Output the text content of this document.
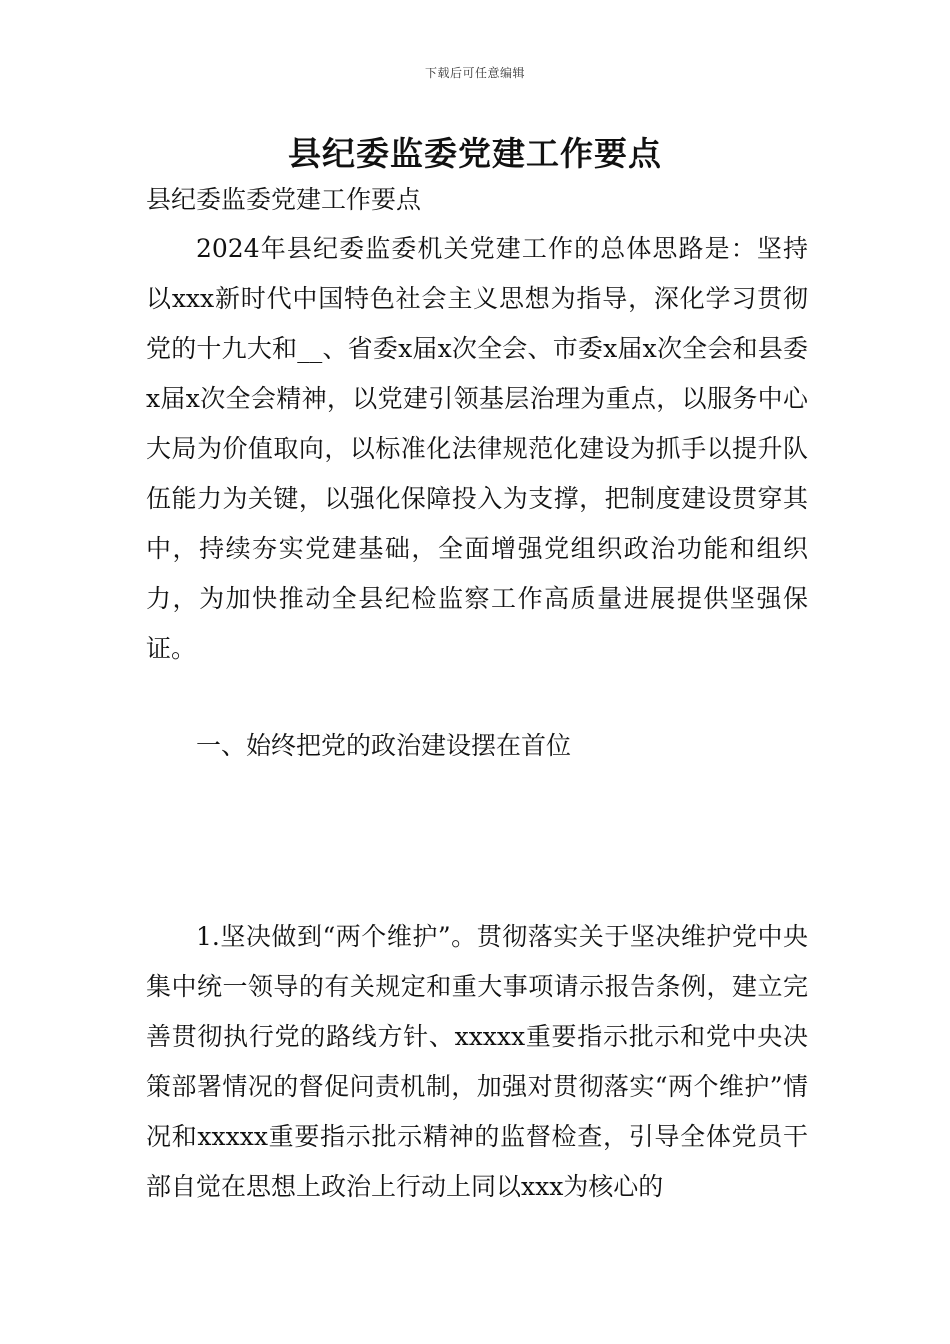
下载后可任意编辑
县纪委监委党建工作要点

县纪委监委党建工作要点

2024年县纪委监委机关党建工作的总体思路是：坚持以xxx新时代中国特色社会主义思想为指导，深化学习贯彻党的十九大和__、省委x届x次全会、市委x届x次全会和县委x届x次全会精神，以党建引领基层治理为重点，以服务中心大局为价值取向，以标准化法律规范化建设为抓手以提升队伍能力为关键，以强化保障投入为支撑，把制度建设贯穿其中，持续夯实党建基础，全面增强党组织政治功能和组织力，为加快推动全县纪检监察工作高质量进展提供坚强保证。

一、始终把党的政治建设摆在首位

1.坚决做到“两个维护”。贯彻落实关于坚决维护党中央集中统一领导的有关规定和重大事项请示报告条例，建立完善贯彻执行党的路线方针、xxxxx重要指示批示和党中央决策部署情况的督促问责机制，加强对贯彻落实“两个维护”情况和xxxxx重要指示批示精神的监督检查，引导全体党员干部自觉在思想上政治上行动上同以xxx为核心的
